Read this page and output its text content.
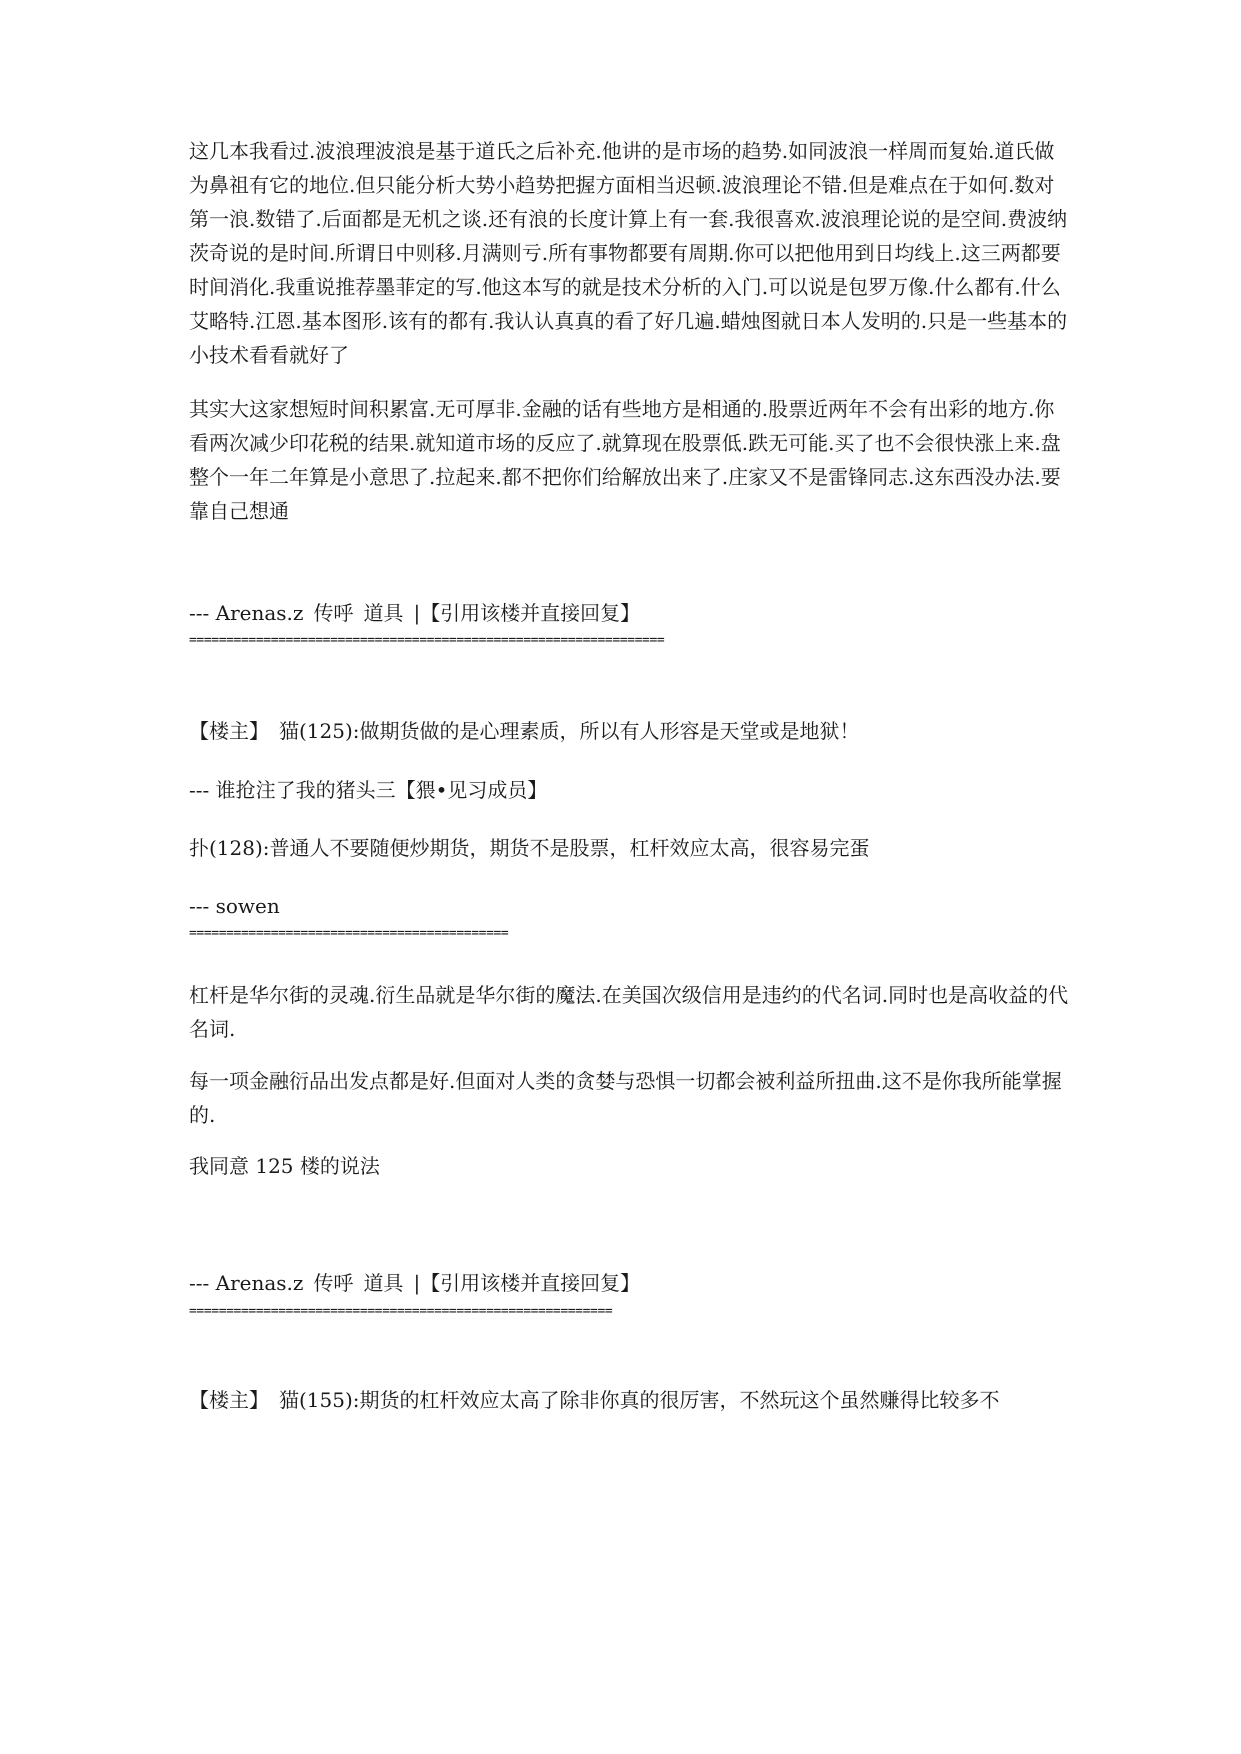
这几本我看过.波浪理波浪是基于道氏之后补充.他讲的是市场的趋势.如同波浪一样周而复始.道氏做为鼻祖有它的地位.但只能分析大势小趋势把握方面相当迟顿.波浪理论不错.但是难点在于如何.数对第一浪.数错了.后面都是无机之谈.还有浪的长度计算上有一套.我很喜欢.波浪理论说的是空间.费波纳茨奇说的是时间.所谓日中则移.月满则亏.所有事物都要有周期.你可以把他用到日均线上.这三两都要时间消化.我重说推荐墨菲定的写.他这本写的就是技术分析的入门.可以说是包罗万像.什么都有.什么艾略特.江恩.基本图形.该有的都有.我认认真真的看了好几遍.蜡烛图就日本人发明的.只是一些基本的小技术看看就好了

其实大这家想短时间积累富.无可厚非.金融的话有些地方是相通的.股票近两年不会有出彩的地方.你看两次减少印花税的结果.就知道市场的反应了.就算现在股票低.跌无可能.买了也不会很快涨上来.盘整个一年二年算是小意思了.拉起来.都不把你们给解放出来了.庄家又不是雷锋同志.这东西没办法.要靠自己想通

--- Arenas.z 传呼 道具 |【引用该楼并直接回复】
================================================================
【楼主】 猫(125):做期货做的是心理素质，所以有人形容是天堂或是地狱！
--- 谁抢注了我的猪头三【猥•见习成员】
扑(128):普通人不要随便炒期货，期货不是股票，杠杆效应太高，很容易完蛋
--- sowen
===========================================

杠杆是华尔街的灵魂.衍生品就是华尔街的魔法.在美国次级信用是违约的代名词.同时也是高收益的代名词.

每一项金融衍品出发点都是好.但面对人类的贪婪与恐惧一切都会被利益所扭曲.这不是你我所能掌握的.

我同意 125 楼的说法
--- Arenas.z 传呼 道具 |【引用该楼并直接回复】
=========================================================
【楼主】 猫(155):期货的杠杆效应太高了除非你真的很厉害，不然玩这个虽然赚得比较多不
